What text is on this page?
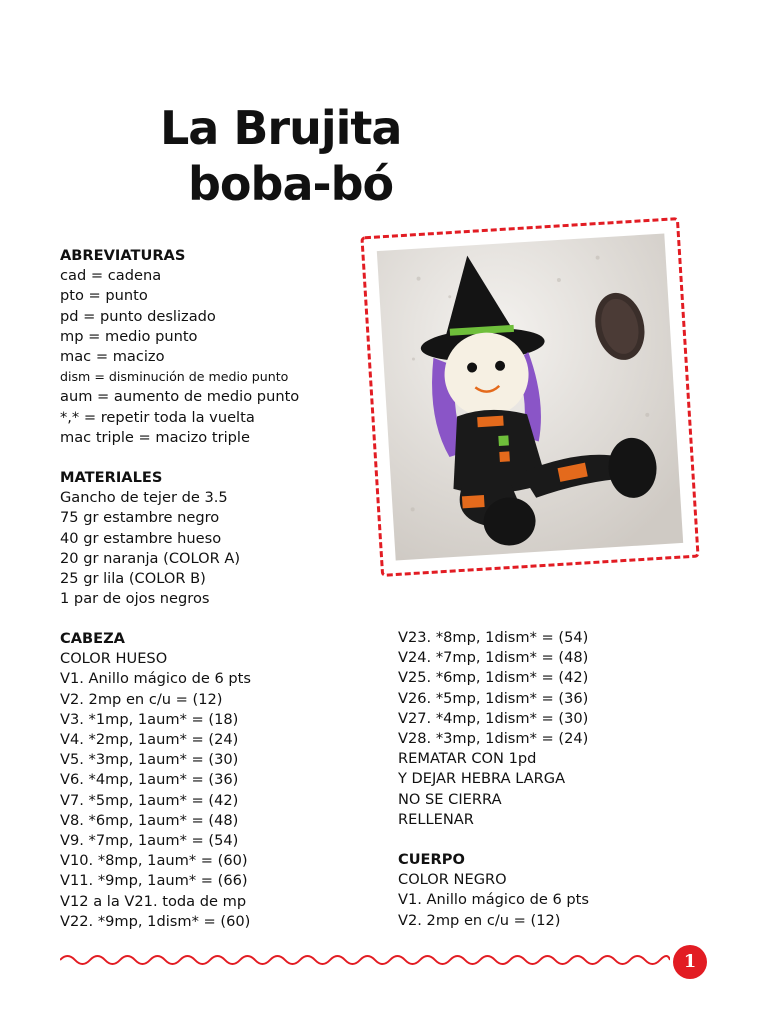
La Brujita
boba-bó
ABREVIATURAS
cad = cadena
pto = punto
pd = punto deslizado
mp = medio punto
mac = macizo
dism = disminución de medio punto
aum = aumento de medio punto
*,* = repetir toda la vuelta
mac triple = macizo triple
MATERIALES
Gancho de tejer de 3.5
75 gr estambre negro
40 gr estambre hueso
20 gr naranja (COLOR A)
25 gr lila (COLOR B)
1 par de ojos negros
CABEZA
COLOR HUESO
V1. Anillo mágico de 6 pts
V2. 2mp en c/u = (12)
V3. *1mp, 1aum* = (18)
V4. *2mp, 1aum* = (24)
V5. *3mp, 1aum* = (30)
V6. *4mp, 1aum* = (36)
V7. *5mp, 1aum* = (42)
V8. *6mp, 1aum* = (48)
V9. *7mp, 1aum* = (54)
V10. *8mp, 1aum* = (60)
V11. *9mp, 1aum* = (66)
V12 a la V21. toda de mp
V22. *9mp, 1dism* = (60)
V23. *8mp, 1dism* = (54)
V24. *7mp, 1dism* = (48)
V25. *6mp, 1dism* = (42)
V26. *5mp, 1dism* = (36)
V27. *4mp, 1dism* = (30)
V28. *3mp, 1dism* = (24)
REMATAR CON 1pd
Y DEJAR HEBRA LARGA
NO SE CIERRA
RELLENAR
CUERPO
COLOR NEGRO
V1. Anillo mágico de 6 pts
V2. 2mp en c/u = (12)
1
